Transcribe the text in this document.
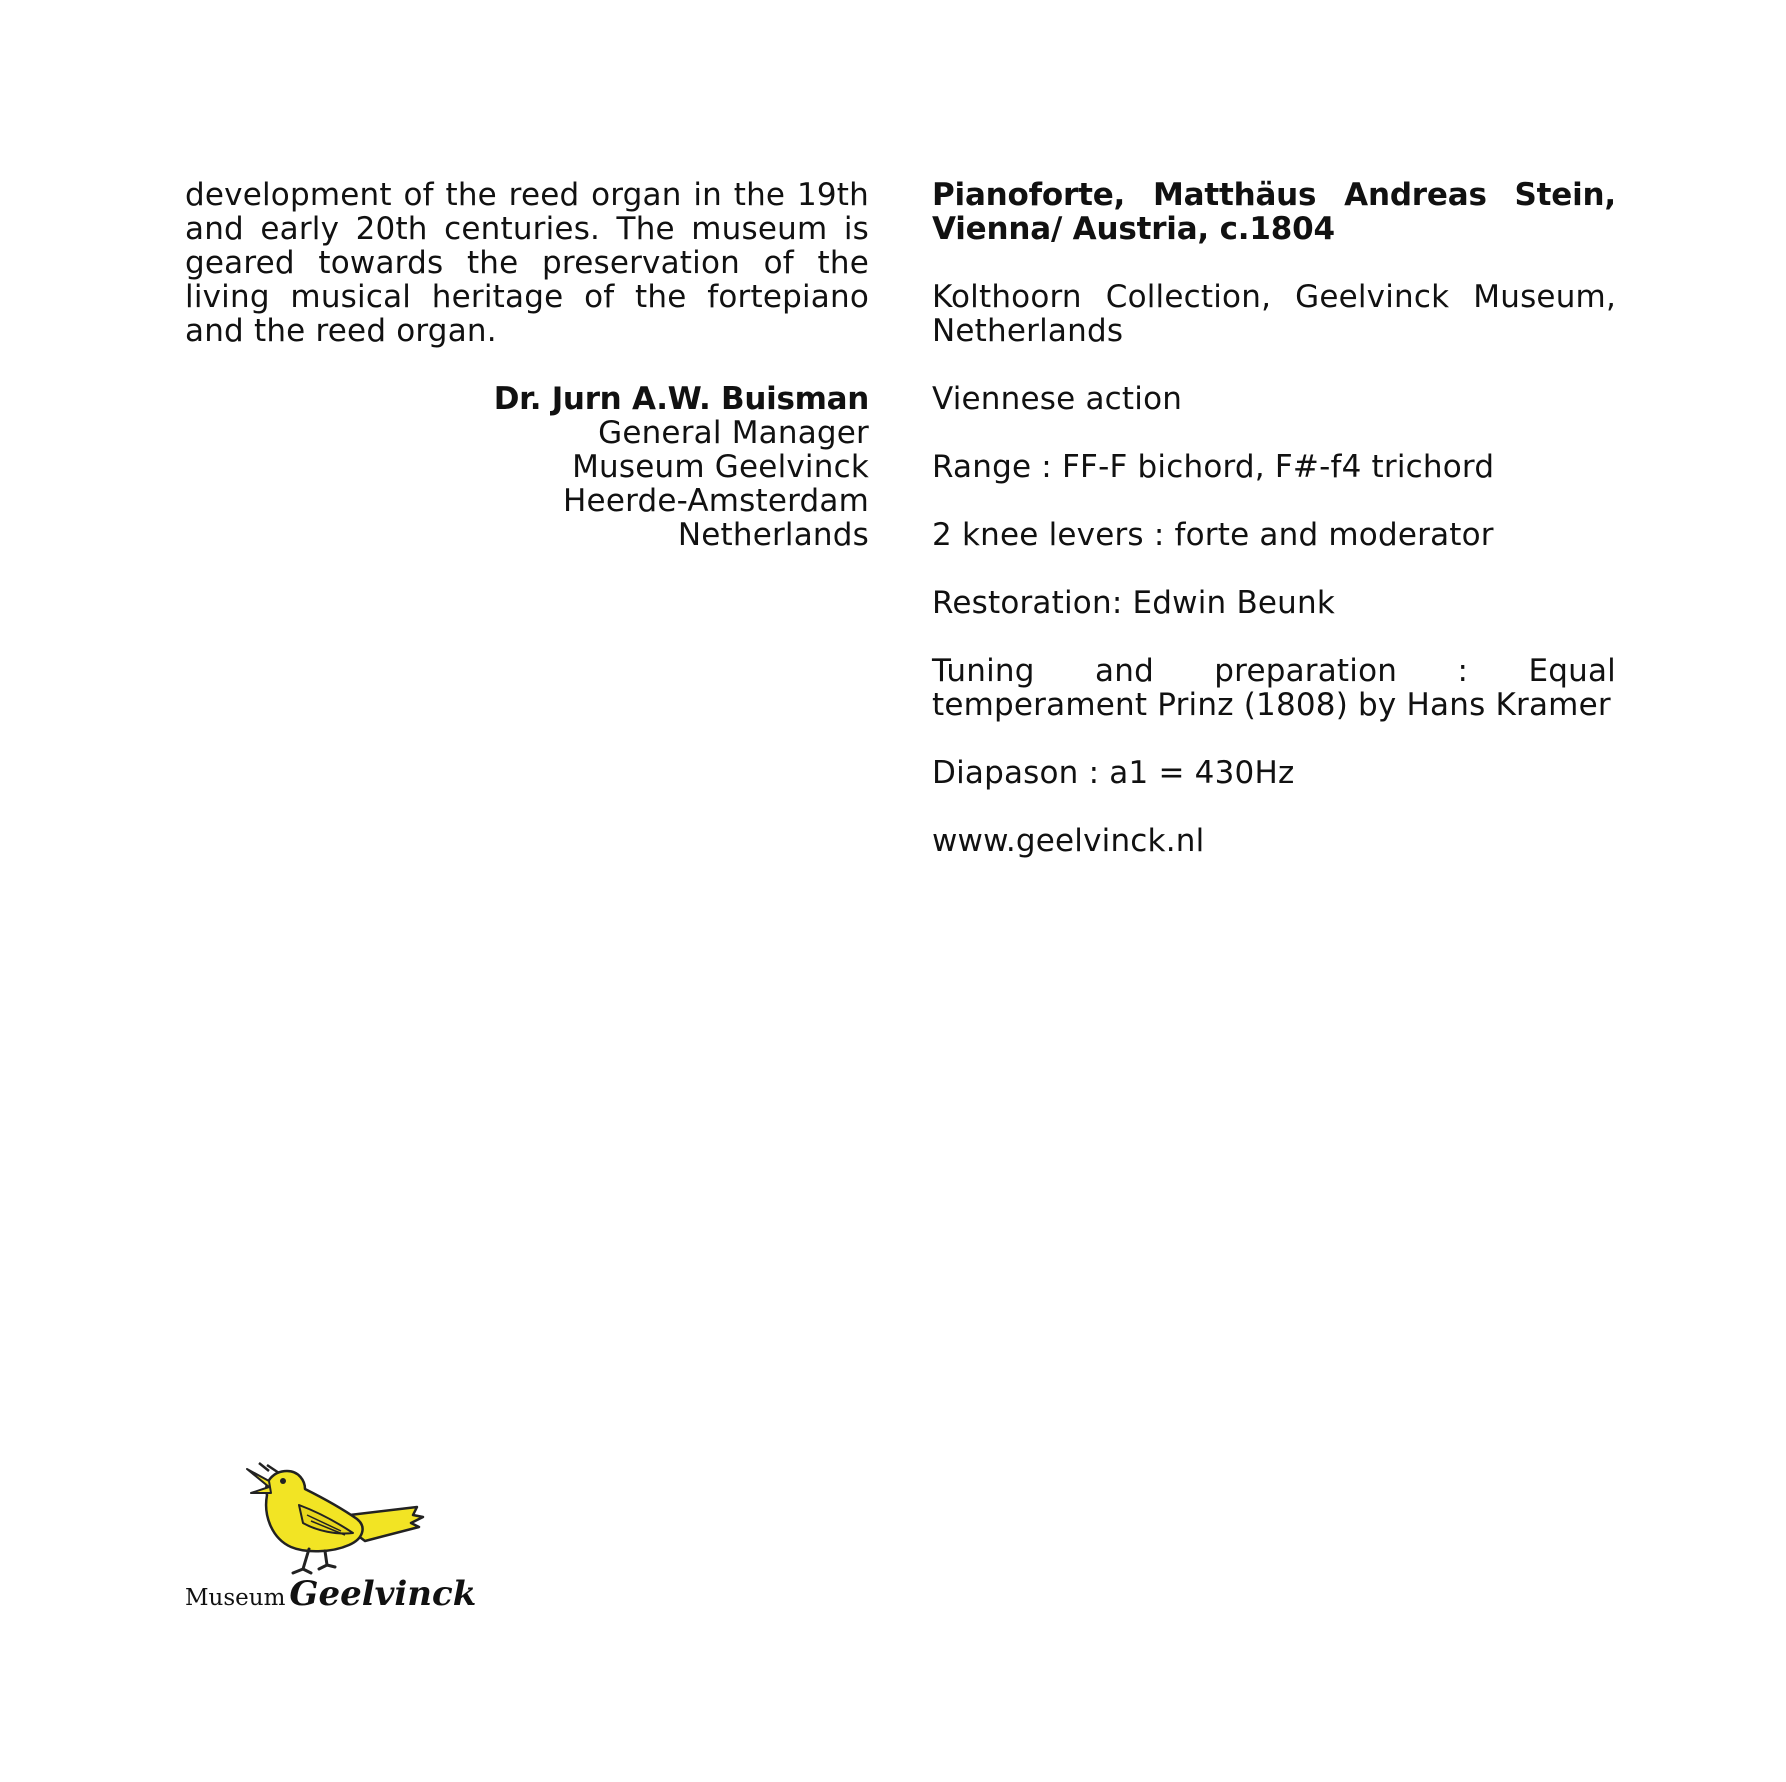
development of the reed organ in the 19th and early 20th centuries. The museum is geared towards the preservation of the living musical heritage of the fortepiano and the reed organ.

Dr. Jurn A.W. Buisman
General Manager
Museum Geelvinck
Heerde-Amsterdam
Netherlands

Pianoforte, Matthäus Andreas Stein, Vienna/ Austria, c.1804

Kolthoorn Collection, Geelvinck Museum, Netherlands

Viennese action

Range : FF-F bichord, F#-f4 trichord

2 knee levers : forte and moderator

Restoration: Edwin Beunk

Tuning and preparation : Equal temperament Prinz (1808) by Hans Kramer

Diapason : a1 = 430Hz

www.geelvinck.nl

Museum Geelvinck
